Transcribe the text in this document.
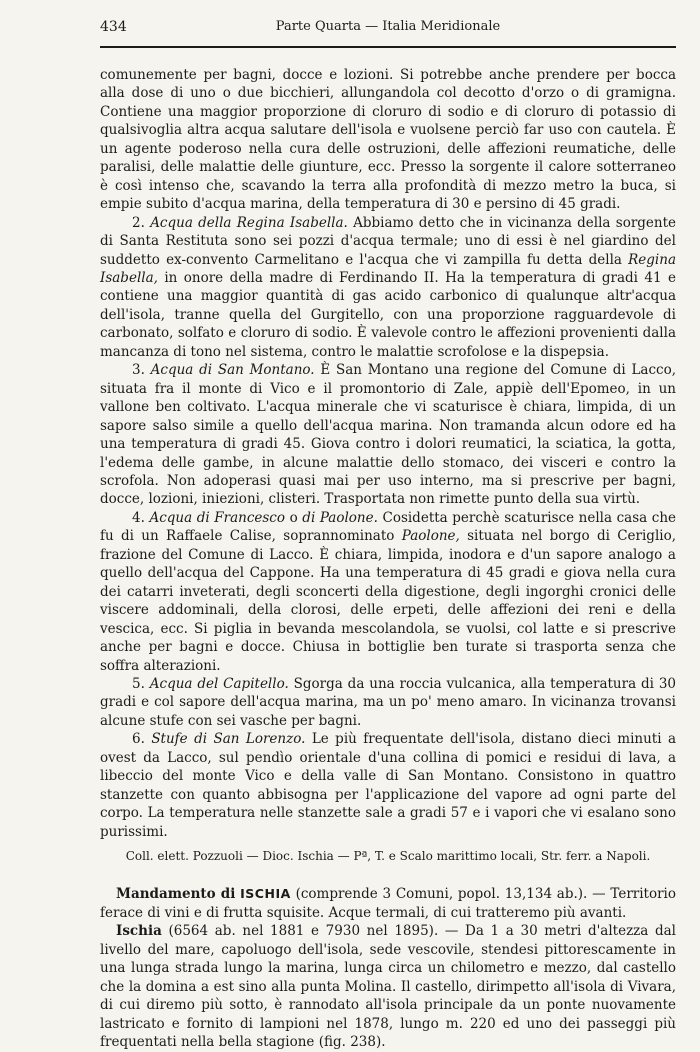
434	Parte Quarta — Italia Meridionale

comunemente per bagni, docce e lozioni. Si potrebbe anche prendere per bocca alla dose di uno o due bicchieri, allungandola col decotto d'orzo o di gramigna. Contiene una maggior proporzione di cloruro di sodio e di cloruro di potassio di qualsivoglia altra acqua salutare dell'isola e vuolsene perciò far uso con cautela. È un agente poderoso nella cura delle ostruzioni, delle affezioni reumatiche, delle paralisi, delle malattie delle giunture, ecc. Presso la sorgente il calore sotterraneo è così intenso che, scavando la terra alla profondità di mezzo metro la buca, si empie subito d'acqua marina, della temperatura di 30 e persino di 45 gradi.

2. Acqua della Regina Isabella. Abbiamo detto che in vicinanza della sorgente di Santa Restituta sono sei pozzi d'acqua termale; uno di essi è nel giardino del suddetto ex-convento Carmelitano e l'acqua che vi zampilla fu detta della Regina Isabella, in onore della madre di Ferdinando II. Ha la temperatura di gradi 41 e contiene una maggior quantità di gas acido carbonico di qualunque altr'acqua dell'isola, tranne quella del Gurgitello, con una proporzione ragguardevole di carbonato, solfato e cloruro di sodio. È valevole contro le affezioni provenienti dalla mancanza di tono nel sistema, contro le malattie scrofolose e la dispepsia.

3. Acqua di San Montano. È San Montano una regione del Comune di Lacco, situata fra il monte di Vico e il promontorio di Zale, appiè dell'Epomeo, in un vallone ben coltivato. L'acqua minerale che vi scaturisce è chiara, limpida, di un sapore salso simile a quello dell'acqua marina. Non tramanda alcun odore ed ha una temperatura di gradi 45. Giova contro i dolori reumatici, la sciatica, la gotta, l'edema delle gambe, in alcune malattie dello stomaco, dei visceri e contro la scrofola. Non adoperasi quasi mai per uso interno, ma si prescrive per bagni, docce, lozioni, iniezioni, clisteri. Trasportata non rimette punto della sua virtù.

4. Acqua di Francesco o di Paolone. Cosidetta perchè scaturisce nella casa che fu di un Raffaele Calise, soprannominato Paolone, situata nel borgo di Ceriglio, frazione del Comune di Lacco. È chiara, limpida, inodora e d'un sapore analogo a quello dell'acqua del Cappone. Ha una temperatura di 45 gradi e giova nella cura dei catarri inveterati, degli sconcerti della digestione, degli ingorghi cronici delle viscere addominali, della clorosi, delle erpeti, delle affezioni dei reni e della vescica, ecc. Si piglia in bevanda mescolandola, se vuolsi, col latte e si prescrive anche per bagni e docce. Chiusa in bottiglie ben turate si trasporta senza che soffra alterazioni.

5. Acqua del Capitello. Sgorga da una roccia vulcanica, alla temperatura di 30 gradi e col sapore dell'acqua marina, ma un po' meno amaro. In vicinanza trovansi alcune stufe con sei vasche per bagni.

6. Stufe di San Lorenzo. Le più frequentate dell'isola, distano dieci minuti a ovest da Lacco, sul pendìo orientale d'una collina di pomici e residui di lava, a libeccio del monte Vico e della valle di San Montano. Consistono in quattro stanzette con quanto abbisogna per l'applicazione del vapore ad ogni parte del corpo. La temperatura nelle stanzette sale a gradi 57 e i vapori che vi esalano sono purissimi.

Coll. elett. Pozzuoli — Dioc. Ischia — Pª, T. e Scalo marittimo locali, Str. ferr. a Napoli.

Mandamento di ISCHIA (comprende 3 Comuni, popol. 13,134 ab.). — Territorio ferace di vini e di frutta squisite. Acque termali, di cui tratteremo più avanti.

Ischia (6564 ab. nel 1881 e 7930 nel 1895). — Da 1 a 30 metri d'altezza dal livello del mare, capoluogo dell'isola, sede vescovile, stendesi pittorescamente in una lunga strada lungo la marina, lunga circa un chilometro e mezzo, dal castello che la domina a est sino alla punta Molina. Il castello, dirimpetto all'isola di Vivara, di cui diremo più sotto, è rannodato all'isola principale da un ponte nuovamente lastricato e fornito di lampioni nel 1878, lungo m. 220 ed uno dei passeggi più frequentati nella bella stagione (fig. 238).
